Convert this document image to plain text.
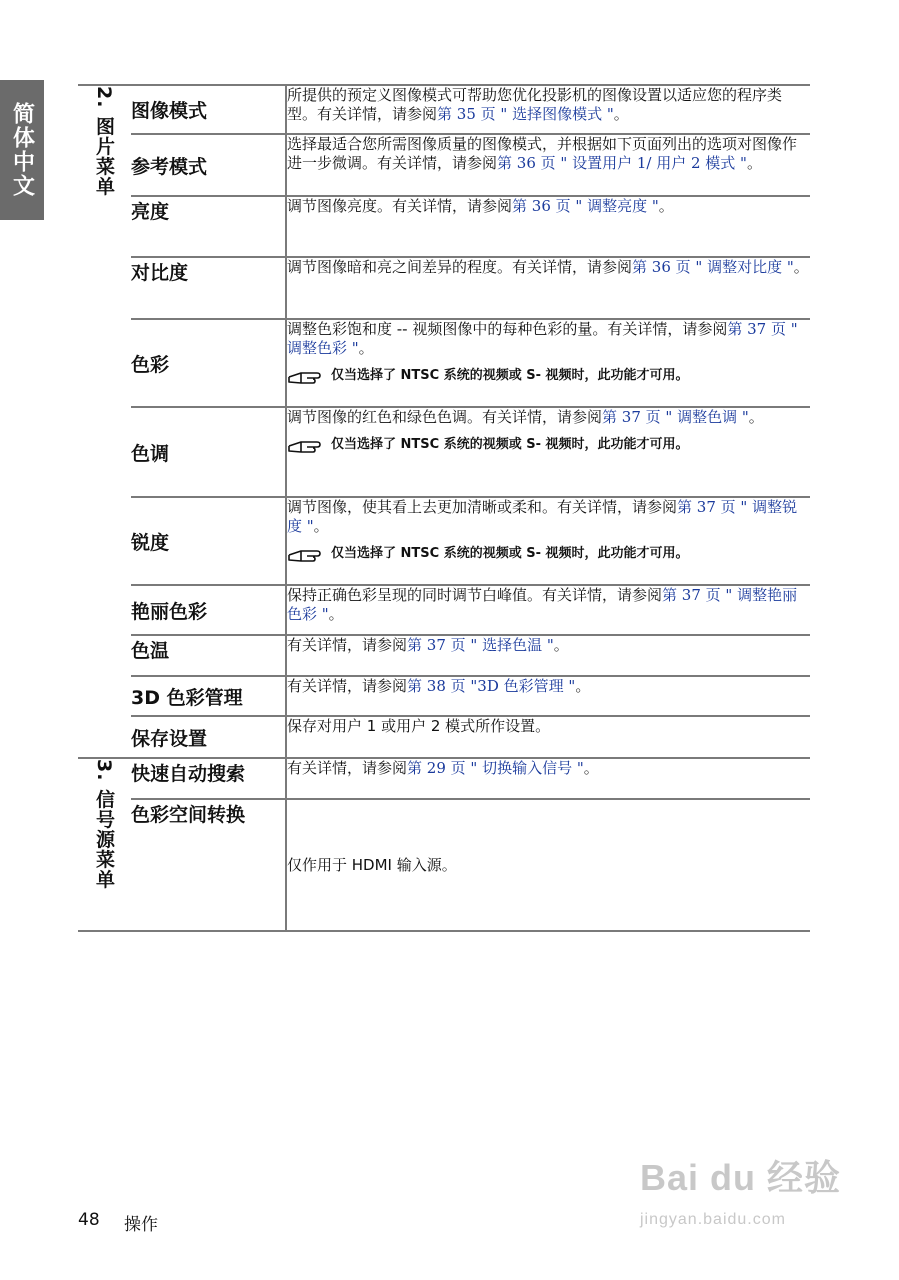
简体中文	2. 图片菜单	图像模式	所提供的预定义图像模式可帮助您优化投影机的图像设置以适应您的程序类型。有关详情，请参阅第 35 页 " 选择图像模式 "。
	参考模式	选择最适合您所需图像质量的图像模式，并根据如下页面列出的选项对图像作进一步微调。有关详情，请参阅第 36 页 " 设置用户 1/ 用户 2 模式 "。
	亮度	调节图像亮度。有关详情，请参阅第 36 页 " 调整亮度 "。
	对比度	调节图像暗和亮之间差异的程度。有关详情，请参阅第 36 页 " 调整对比度 "。
	色彩	调整色彩饱和度 -- 视频图像中的每种色彩的量。有关详情，请参阅第 37 页 " 调整色彩 "。
仅当选择了 NTSC 系统的视频或 S- 视频时，此功能才可用。

	色调	调节图像的红色和绿色色调。有关详情，请参阅第 37 页 " 调整色调 "。
仅当选择了 NTSC 系统的视频或 S- 视频时，此功能才可用。

	锐度	调节图像，使其看上去更加清晰或柔和。有关详情，请参阅第 37 页 " 调整锐度 "。
仅当选择了 NTSC 系统的视频或 S- 视频时，此功能才可用。

	艳丽色彩	保持正确色彩呈现的同时调节白峰值。有关详情，请参阅第 37 页 " 调整艳丽色彩 "。
	色温	有关详情，请参阅第 37 页 " 选择色温 "。
	3D 色彩管理	有关详情，请参阅第 38 页 "3D 色彩管理 "。
	保存设置	保存对用户 1 或用户 2 模式所作设置。
3. 信号源菜单	快速自动搜索	有关详情，请参阅第 29 页 " 切换输入信号 "。
	色彩空间转换	仅作用于 HDMI 输入源。
48 操作
Bai du 经验
jingyan.baidu.com
